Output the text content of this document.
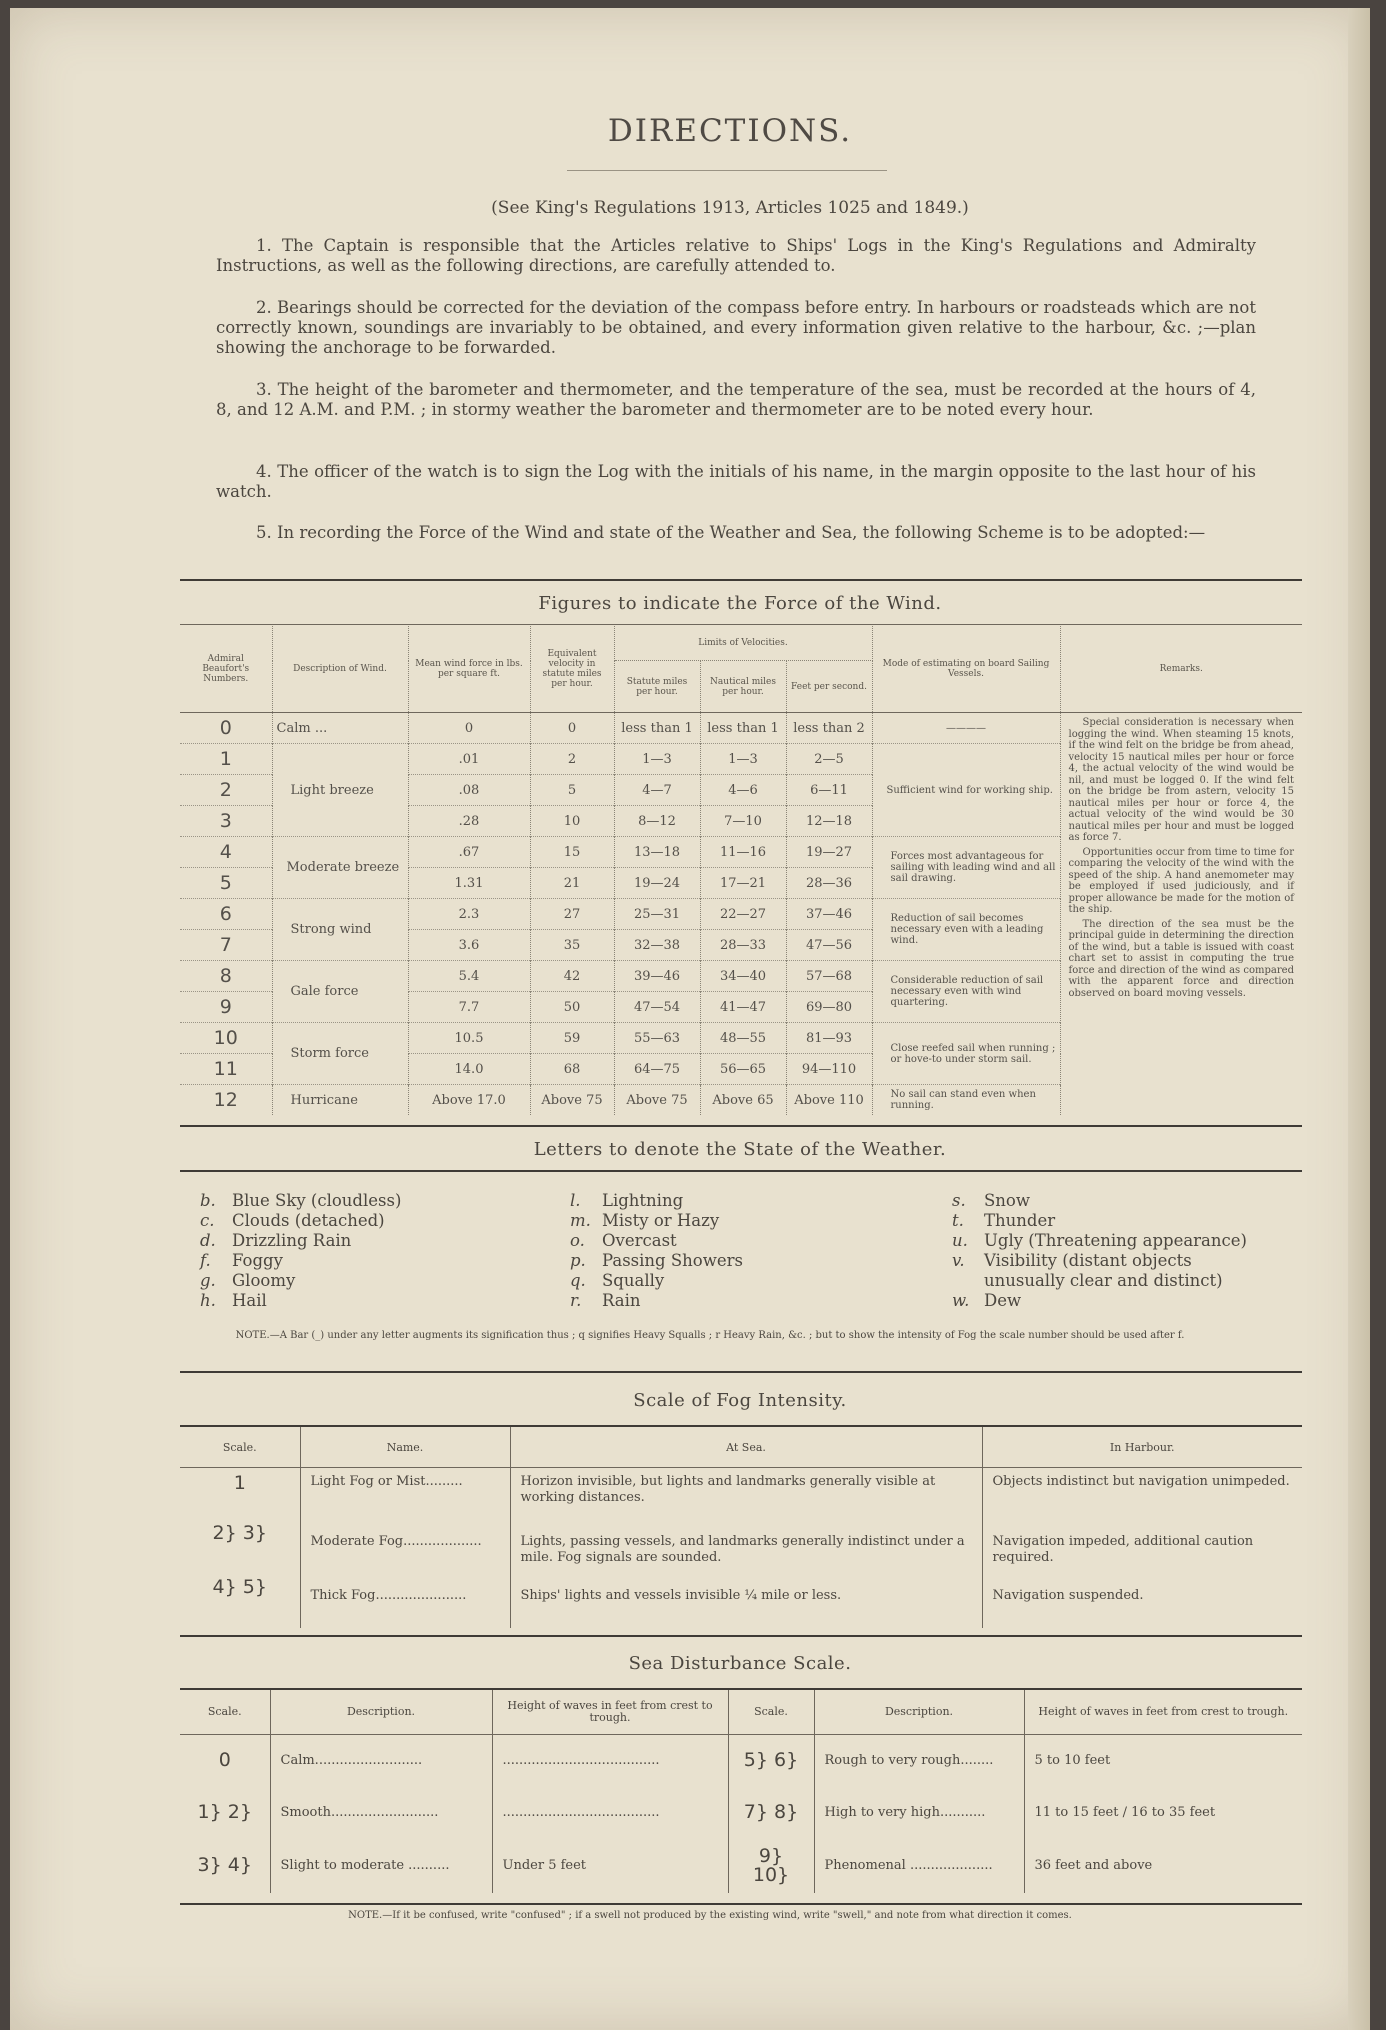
DIRECTIONS.
(See King's Regulations 1913, Articles 1025 and 1849.)

1. The Captain is responsible that the Articles relative to Ships' Logs in the King's Regulations and Admiralty Instructions, as well as the following directions, are carefully attended to.

2. Bearings should be corrected for the deviation of the compass before entry. In harbours or roadsteads which are not correctly known, soundings are invariably to be obtained, and every information given relative to the harbour, &c. ;—plan showing the anchorage to be forwarded.

3. The height of the barometer and thermometer, and the temperature of the sea, must be recorded at the hours of 4, 8, and 12 A.M. and P.M. ; in stormy weather the barometer and thermometer are to be noted every hour.

4. The officer of the watch is to sign the Log with the initials of his name, in the margin opposite to the last hour of his watch.

5. In recording the Force of the Wind and state of the Weather and Sea, the following Scheme is to be adopted:—

Figures to indicate the Force of the Wind.
Admiral Beaufort's Numbers.	Description of Wind.	Mean wind force in lbs. per square ft.	Equivalent velocity in statute miles per hour.	Limits of Velocities.			Mode of estimating on board Sailing Vessels.	Remarks.
				Statute miles per hour.	Nautical miles per hour.	Feet per second.		
0	Calm ...	0	0	less than 1	less than 1	less than 2	————	Special consideration is necessary when logging the wind. When steaming 15 knots, if the wind felt on the bridge be from ahead, velocity 15 nautical miles per hour or force 4, the actual velocity of the wind would be nil, and must be logged 0. If the wind felt on the bridge be from astern, velocity 15 nautical miles per hour or force 4, the actual velocity of the wind would be 30 nautical miles per hour and must be logged as force 7.
Opportunities occur from time to time for comparing the velocity of the wind with the speed of the ship. A hand anemometer may be employed if used judiciously, and if proper allowance be made for the motion of the ship.
The direction of the sea must be the principal guide in determining the direction of the wind, but a table is issued with coast chart set to assist in computing the true force and direction of the wind as compared with the apparent force and direction observed on board moving vessels.

1	Light breeze	.01	2	1—3	1—3	2—5	Sufficient wind for working ship.	
2		.08	5	4—7	4—6	6—11		
3		.28	10	8—12	7—10	12—18		
4	Moderate breeze	.67	15	13—18	11—16	19—27	Forces most advantageous for sailing with leading wind and all sail drawing.	
5		1.31	21	19—24	17—21	28—36		
6	Strong wind	2.3	27	25—31	22—27	37—46	Reduction of sail becomes necessary even with a leading wind.	
7		3.6	35	32—38	28—33	47—56		
8	Gale force	5.4	42	39—46	34—40	57—68	Considerable reduction of sail necessary even with wind quartering.	
9		7.7	50	47—54	41—47	69—80		
10	Storm force	10.5	59	55—63	48—55	81—93	Close reefed sail when running ; or hove-to under storm sail.	
11		14.0	68	64—75	56—65	94—110		
12	Hurricane	Above 17.0	Above 75	Above 75	Above 65	Above 110	No sail can stand even when running.	
Letters to denote the State of the Weather.
b. Blue Sky (cloudless)
c. Clouds (detached)
d. Drizzling Rain
f. Foggy
g. Gloomy
h. Hail
l. Lightning
m. Misty or Hazy
o. Overcast
p. Passing Showers
q. Squally
r. Rain
s. Snow
t. Thunder
u. Ugly (Threatening appearance)
v. Visibility (distant objects unusually clear and distinct)
w. Dew
NOTE.—A Bar (_) under any letter augments its signification thus ; q signifies Heavy Squalls ; r Heavy Rain, &c. ; but to show the intensity of Fog the scale number should be used after f.
Scale of Fog Intensity.
Scale.	Name.	At Sea.	In Harbour.
1	Light Fog or Mist.........	Horizon invisible, but lights and landmarks generally visible at working distances.	Objects indistinct but navigation unimpeded.
2} 3}	Moderate Fog...................	Lights, passing vessels, and landmarks generally indistinct under a mile. Fog signals are sounded.	Navigation impeded, additional caution required.
4} 5}	Thick Fog......................	Ships' lights and vessels invisible ¼ mile or less.	Navigation suspended.
Sea Disturbance Scale.
Scale.	Description.	Height of waves in feet from crest to trough.	Scale.	Description.	Height of waves in feet from crest to trough.
0	Calm..........................	......................................	5} 6}	Rough to very rough........	5 to 10 feet
1} 2}	Smooth..........................	......................................	7} 8}	High to very high...........	11 to 15 feet / 16 to 35 feet
3} 4}	Slight to moderate ..........	Under 5 feet	9} 10}	Phenomenal ....................	36 feet and above
NOTE.—If it be confused, write "confused" ; if a swell not produced by the existing wind, write "swell," and note from what direction it comes.
